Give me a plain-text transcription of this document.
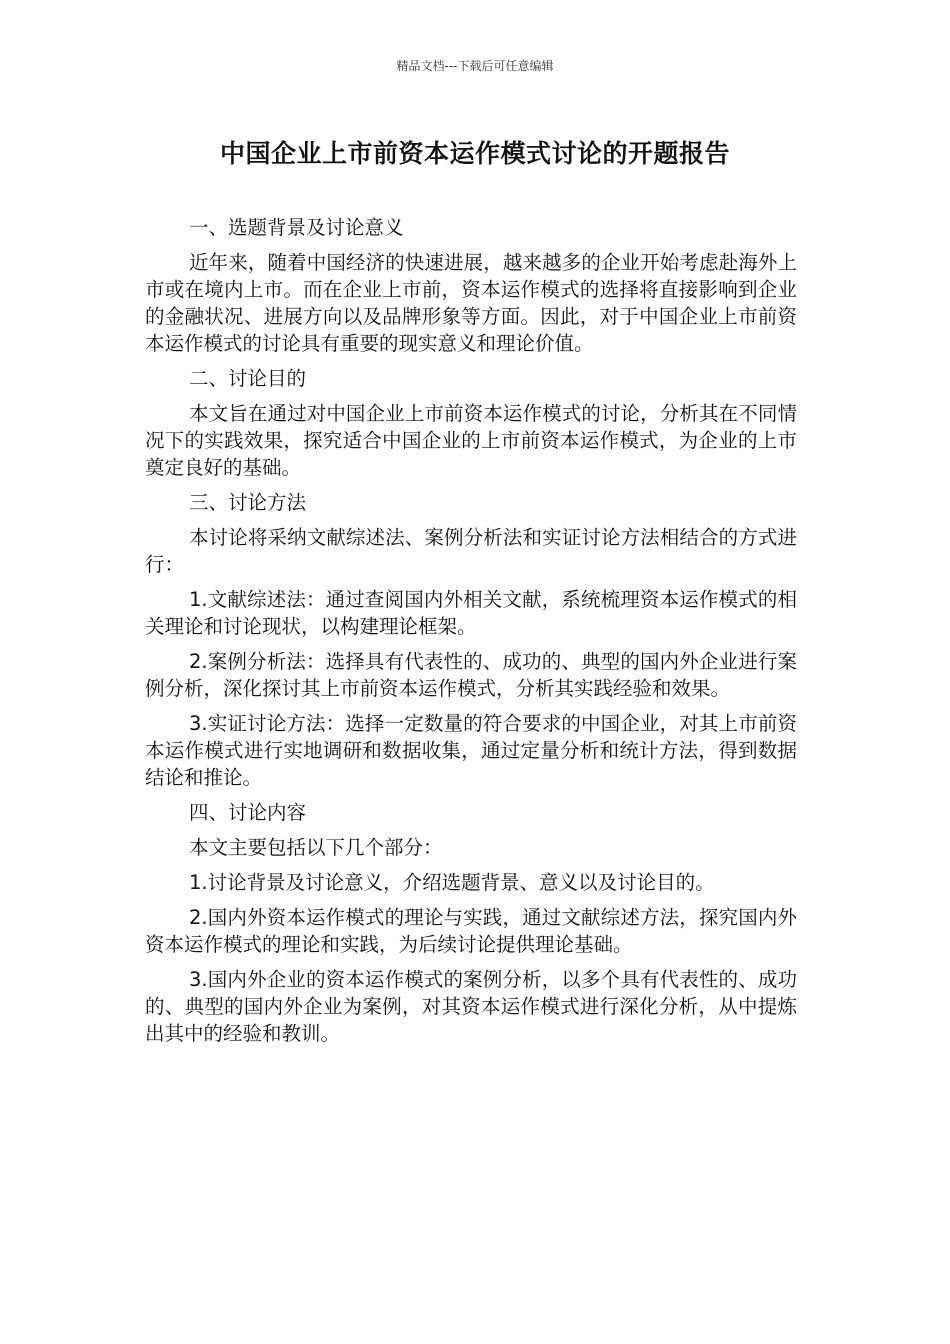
精品文档---下载后可任意编辑
中国企业上市前资本运作模式讨论的开题报告

一、选题背景及讨论意义

近年来，随着中国经济的快速进展，越来越多的企业开始考虑赴海外上市或在境内上市。而在企业上市前，资本运作模式的选择将直接影响到企业的金融状况、进展方向以及品牌形象等方面。因此，对于中国企业上市前资本运作模式的讨论具有重要的现实意义和理论价值。

二、讨论目的

本文旨在通过对中国企业上市前资本运作模式的讨论，分析其在不同情况下的实践效果，探究适合中国企业的上市前资本运作模式，为企业的上市奠定良好的基础。

三、讨论方法

本讨论将采纳文献综述法、案例分析法和实证讨论方法相结合的方式进行：

1.文献综述法：通过查阅国内外相关文献，系统梳理资本运作模式的相关理论和讨论现状，以构建理论框架。

2.案例分析法：选择具有代表性的、成功的、典型的国内外企业进行案例分析，深化探讨其上市前资本运作模式，分析其实践经验和效果。

3.实证讨论方法：选择一定数量的符合要求的中国企业，对其上市前资本运作模式进行实地调研和数据收集，通过定量分析和统计方法，得到数据结论和推论。

四、讨论内容

本文主要包括以下几个部分：

1.讨论背景及讨论意义，介绍选题背景、意义以及讨论目的。

2.国内外资本运作模式的理论与实践，通过文献综述方法，探究国内外资本运作模式的理论和实践，为后续讨论提供理论基础。

3.国内外企业的资本运作模式的案例分析，以多个具有代表性的、成功的、典型的国内外企业为案例，对其资本运作模式进行深化分析，从中提炼出其中的经验和教训。
